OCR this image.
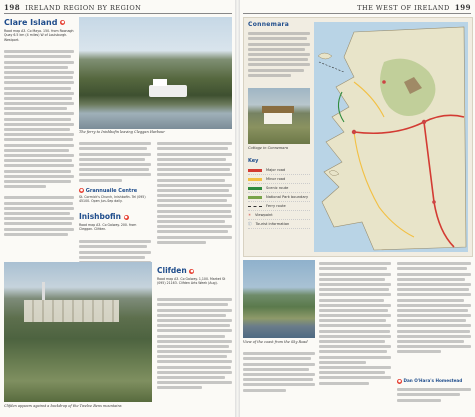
198 IRELAND REGION BY REGION
Clare Island ●
Road map A3. Co Mayo. 150. from Roonagh Quay 6.5 km (4 miles) W of Louisburgh. Westport.
The ferry to Inishbofin leaving Cleggan Harbour
● Grannuaile Centre
St. Cormick's Church, Inishbofin. Tel (095) 45100. Open Jun–Sep daily.
Inishbofin ●
Road map A3. Co Galway. 200. from Cleggan. Clifden.
Clifden ●
Road map A3. Co Galway. 1,100. Market St (095) 21163. Clifden Arts Week (Aug).
Clifden appears against a backdrop of the Twelve Bens mountains
THE WEST OF IRELAND 199
Connemara
Cottage in Connemara
Key
Major road
Minor road
Scenic route
National Park boundary
Ferry route
✳ Viewpoint
ⓘ Tourist information
View of the coast from the Sky Road
● Dan O'Hara's Homestead
